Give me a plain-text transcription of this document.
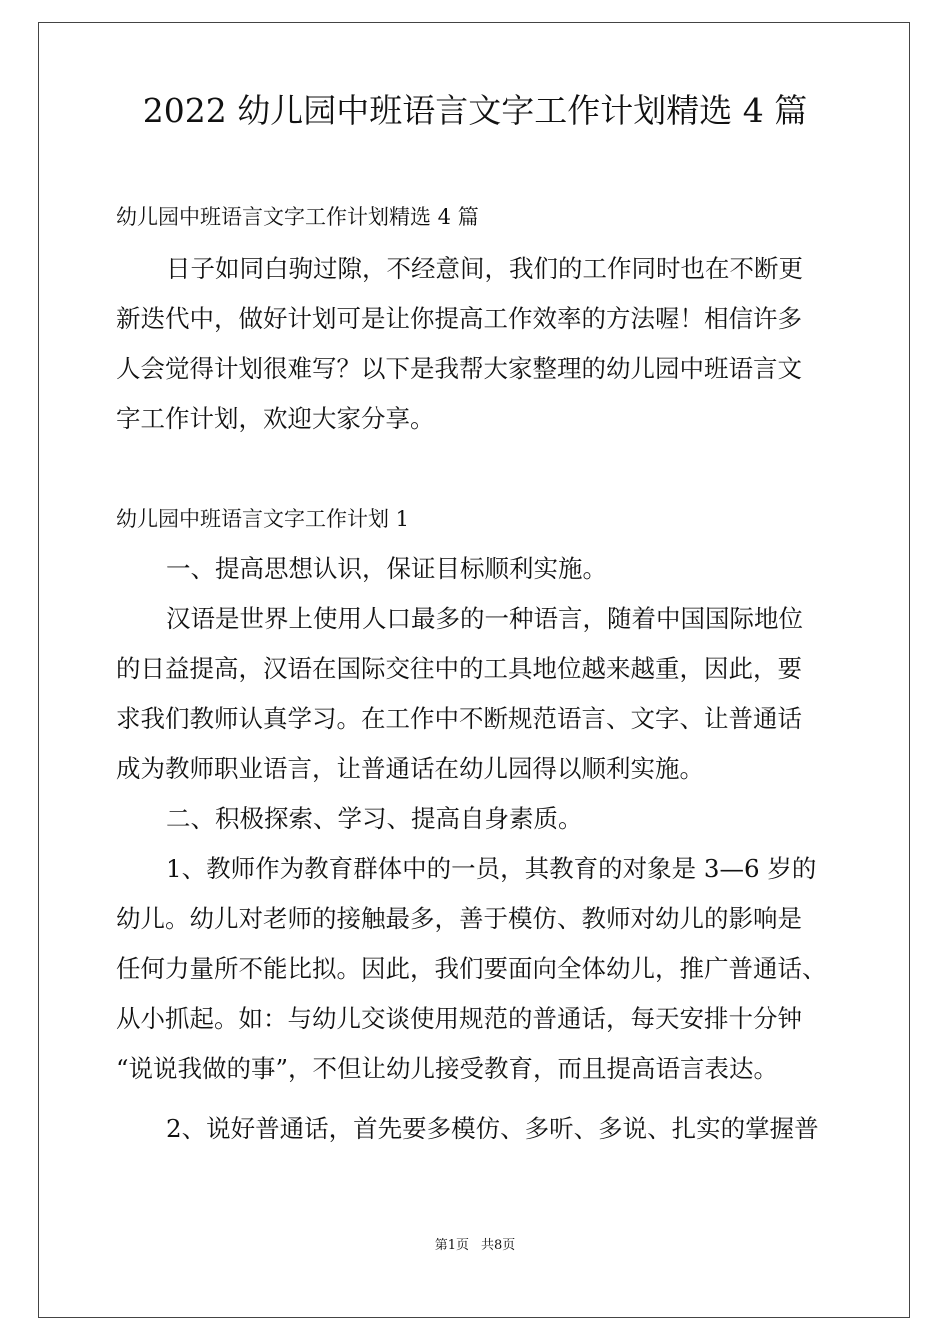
2022 幼儿园中班语言文字工作计划精选 4 篇

幼儿园中班语言文字工作计划精选 4 篇

日子如同白驹过隙，不经意间，我们的工作同时也在不断更

新迭代中，做好计划可是让你提高工作效率的方法喔！相信许多

人会觉得计划很难写？以下是我帮大家整理的幼儿园中班语言文

字工作计划，欢迎大家分享。

幼儿园中班语言文字工作计划 1

一、提高思想认识，保证目标顺利实施。

汉语是世界上使用人口最多的一种语言，随着中国国际地位

的日益提高，汉语在国际交往中的工具地位越来越重，因此，要

求我们教师认真学习。在工作中不断规范语言、文字、让普通话

成为教师职业语言，让普通话在幼儿园得以顺利实施。

二、积极探索、学习、提高自身素质。

1、教师作为教育群体中的一员，其教育的对象是 3—6 岁的

幼儿。幼儿对老师的接触最多，善于模仿、教师对幼儿的影响是

任何力量所不能比拟。因此，我们要面向全体幼儿，推广普通话、

从小抓起。如：与幼儿交谈使用规范的普通话，每天安排十分钟

“说说我做的事”，不但让幼儿接受教育，而且提高语言表达。

2、说好普通话，首先要多模仿、多听、多说、扎实的掌握普

第1页 共8页
